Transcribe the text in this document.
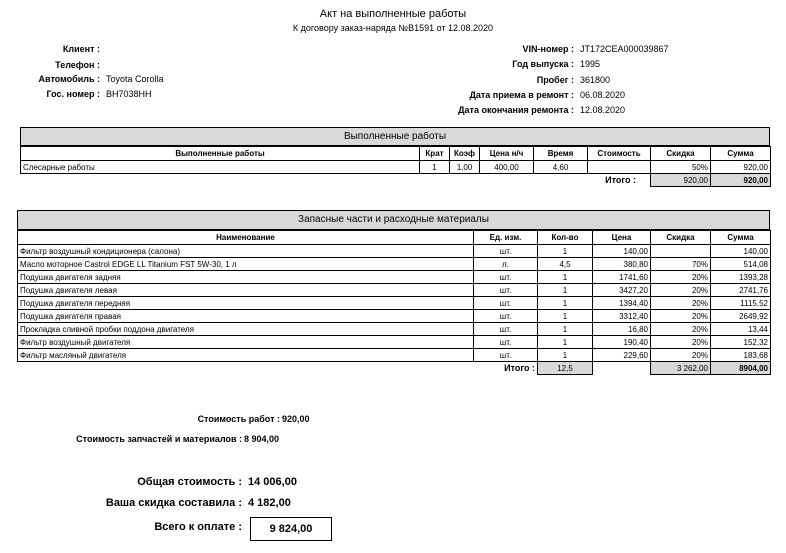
Акт на выполненные работы
К договору заказ-наряда №В1591 от 12.08.2020
Клиент :
Телефон :
Автомобиль : Toyota Corolla
Гос. номер : ВН7038НН
VIN-номер : JT172CEA000039867
Год выпуска : 1995
Пробег : 361800
Дата приема в ремонт : 06.08.2020
Дата окончания ремонта : 12.08.2020
Выполненные работы
Выполненные работы	Крат	Коэф	Цена н/ч	Время	Стоимость	Скидка	Сумма
Слесарные работы	1	1,00	400,00	4,60		50%	920,00
Итого :						920,00	920,00
Запасные части и расходные материалы
Наименование	Ед. изм.	Кол-во	Цена	Скидка	Сумма
Фильтр воздушный кондиционера (салона)	шт.	1	140,00		140,00
Масло моторное Castrol EDGE LL Titanium FST 5W-30, 1 л	л.	4,5	380,80	70%	514,08
Подушка двигателя задняя	шт.	1	1741,60	20%	1393,28
Подушка двигателя левая	шт.	1	3427,20	20%	2741,76
Подушка двигателя передняя	шт.	1	1394,40	20%	1115,52
Подушка двигателя правая	шт.	1	3312,40	20%	2649,92
Прокладка сливной пробки поддона двигателя	шт.	1	16,80	20%	13,44
Фильтр воздушный двигателя	шт.	1	190,40	20%	152,32
Фильтр масляный двигателя	шт.	1	229,60	20%	183,68
Итого :		12,5		3 262,00	8904,00
Стоимость работ : 920,00
Стоимость запчастей и материалов : 8 904,00
Общая стоимость : 14 006,00
Ваша скидка составила : 4 182,00
Всего к оплате :	9 824,00
